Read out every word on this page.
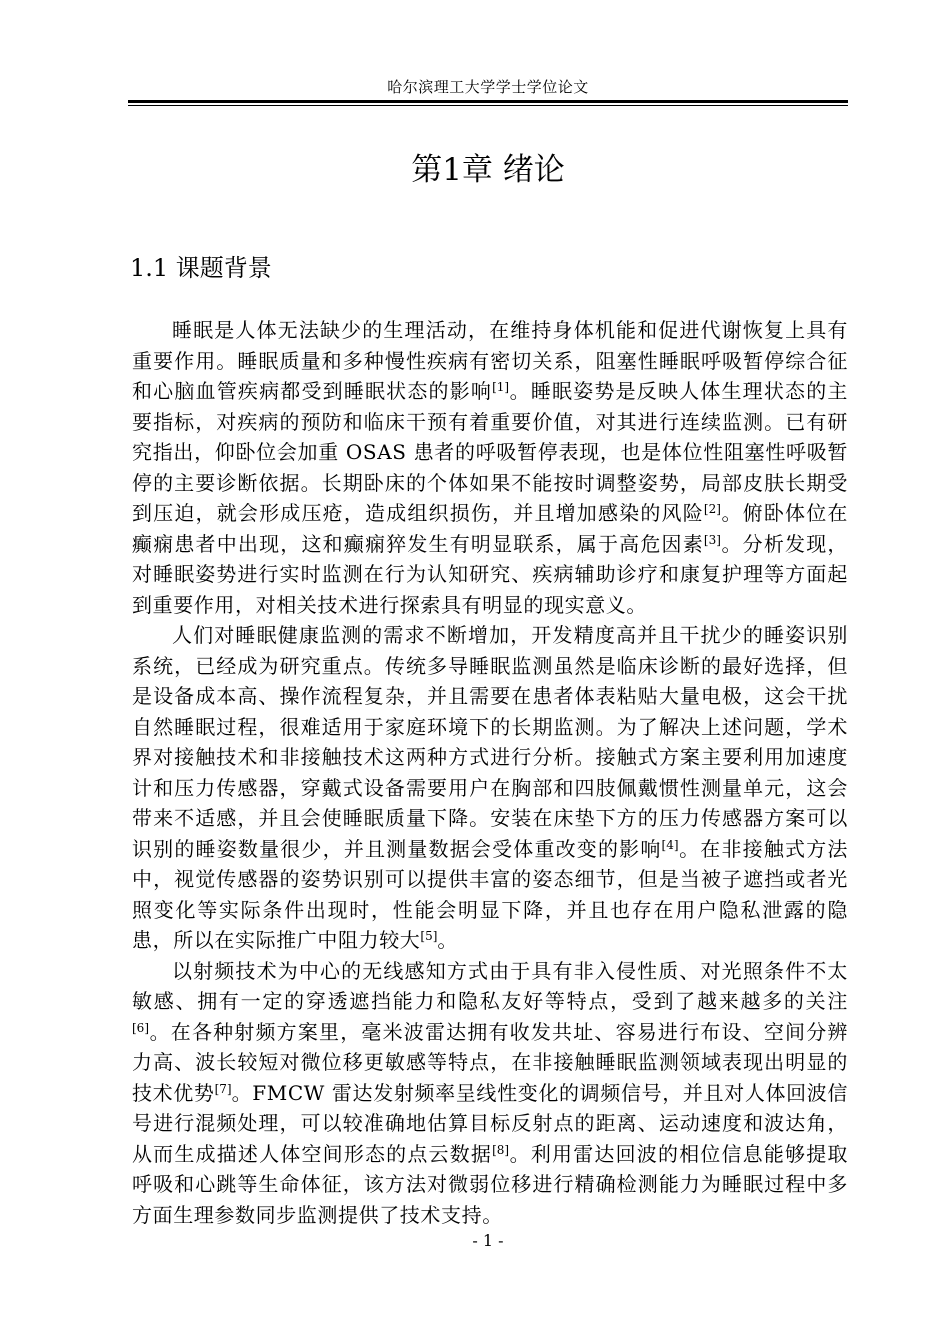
哈尔滨理工大学学士学位论文
第1章 绪论
1.1 课题背景

睡眠是人体无法缺少的生理活动，在维持身体机能和促进代谢恢复上具有重要作用。睡眠质量和多种慢性疾病有密切关系，阻塞性睡眠呼吸暂停综合征和心脑血管疾病都受到睡眠状态的影响[1]。睡眠姿势是反映人体生理状态的主要指标，对疾病的预防和临床干预有着重要价值，对其进行连续监测。已有研究指出，仰卧位会加重 OSAS 患者的呼吸暂停表现，也是体位性阻塞性呼吸暂停的主要诊断依据。长期卧床的个体如果不能按时调整姿势，局部皮肤长期受到压迫，就会形成压疮，造成组织损伤，并且增加感染的风险[2]。俯卧体位在癫痫患者中出现，这和癫痫猝发生有明显联系，属于高危因素[3]。分析发现，对睡眠姿势进行实时监测在行为认知研究、疾病辅助诊疗和康复护理等方面起到重要作用，对相关技术进行探索具有明显的现实意义。

人们对睡眠健康监测的需求不断增加，开发精度高并且干扰少的睡姿识别系统，已经成为研究重点。传统多导睡眠监测虽然是临床诊断的最好选择，但是设备成本高、操作流程复杂，并且需要在患者体表粘贴大量电极，这会干扰自然睡眠过程，很难适用于家庭环境下的长期监测。为了解决上述问题，学术界对接触技术和非接触技术这两种方式进行分析。接触式方案主要利用加速度计和压力传感器，穿戴式设备需要用户在胸部和四肢佩戴惯性测量单元，这会带来不适感，并且会使睡眠质量下降。安装在床垫下方的压力传感器方案可以识别的睡姿数量很少，并且测量数据会受体重改变的影响[4]。在非接触式方法中，视觉传感器的姿势识别可以提供丰富的姿态细节，但是当被子遮挡或者光照变化等实际条件出现时，性能会明显下降，并且也存在用户隐私泄露的隐患，所以在实际推广中阻力较大[5]。

以射频技术为中心的无线感知方式由于具有非入侵性质、对光照条件不太敏感、拥有一定的穿透遮挡能力和隐私友好等特点，受到了越来越多的关注[6]。在各种射频方案里，毫米波雷达拥有收发共址、容易进行布设、空间分辨力高、波长较短对微位移更敏感等特点，在非接触睡眠监测领域表现出明显的技术优势[7]。FMCW 雷达发射频率呈线性变化的调频信号，并且对人体回波信号进行混频处理，可以较准确地估算目标反射点的距离、运动速度和波达角，从而生成描述人体空间形态的点云数据[8]。利用雷达回波的相位信息能够提取呼吸和心跳等生命体征，该方法对微弱位移进行精确检测能力为睡眠过程中多方面生理参数同步监测提供了技术支持。

- 1 -
